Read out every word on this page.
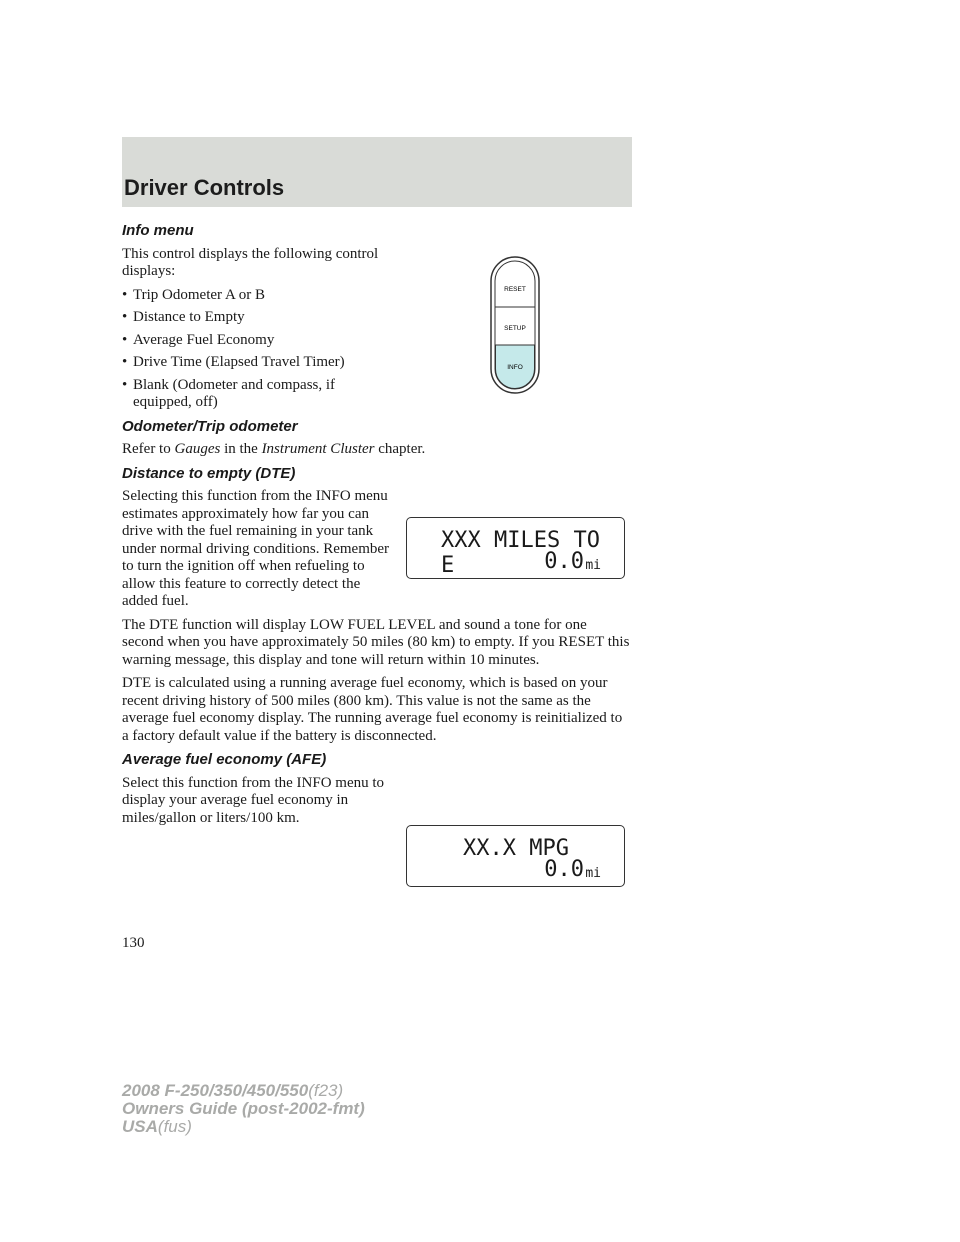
Driver Controls
RESET
SETUP
INFO
Info menu

This control displays the following control displays:

• Trip Odometer A or B
• Distance to Empty
• Average Fuel Economy
• Drive Time (Elapsed Travel Timer)
• Blank (Odometer and compass, if equipped, off)
Odometer/Trip odometer

Refer to Gauges in the Instrument Cluster chapter.

Distance to empty (DTE)

Selecting this function from the INFO menu estimates approximately how far you can drive with the fuel remaining in your tank under normal driving conditions. Remember to turn the ignition off when refueling to allow this feature to correctly detect the added fuel.

The DTE function will display LOW FUEL LEVEL and sound a tone for one second when you have approximately 50 miles (80 km) to empty. If you RESET this warning message, this display and tone will return within 10 minutes.

DTE is calculated using a running average fuel economy, which is based on your recent driving history of 500 miles (800 km). This value is not the same as the average fuel economy display. The running average fuel economy is reinitialized to a factory default value if the battery is disconnected.

Average fuel economy (AFE)

Select this function from the INFO menu to display your average fuel economy in miles/gallon or liters/100 km.

XXX MILES TO E	0.0 mi
XX.X MPG
0.0 mi
130
2008 F-250/350/450/550(f23)
Owners Guide (post-2002-fmt)
USA(fus)
